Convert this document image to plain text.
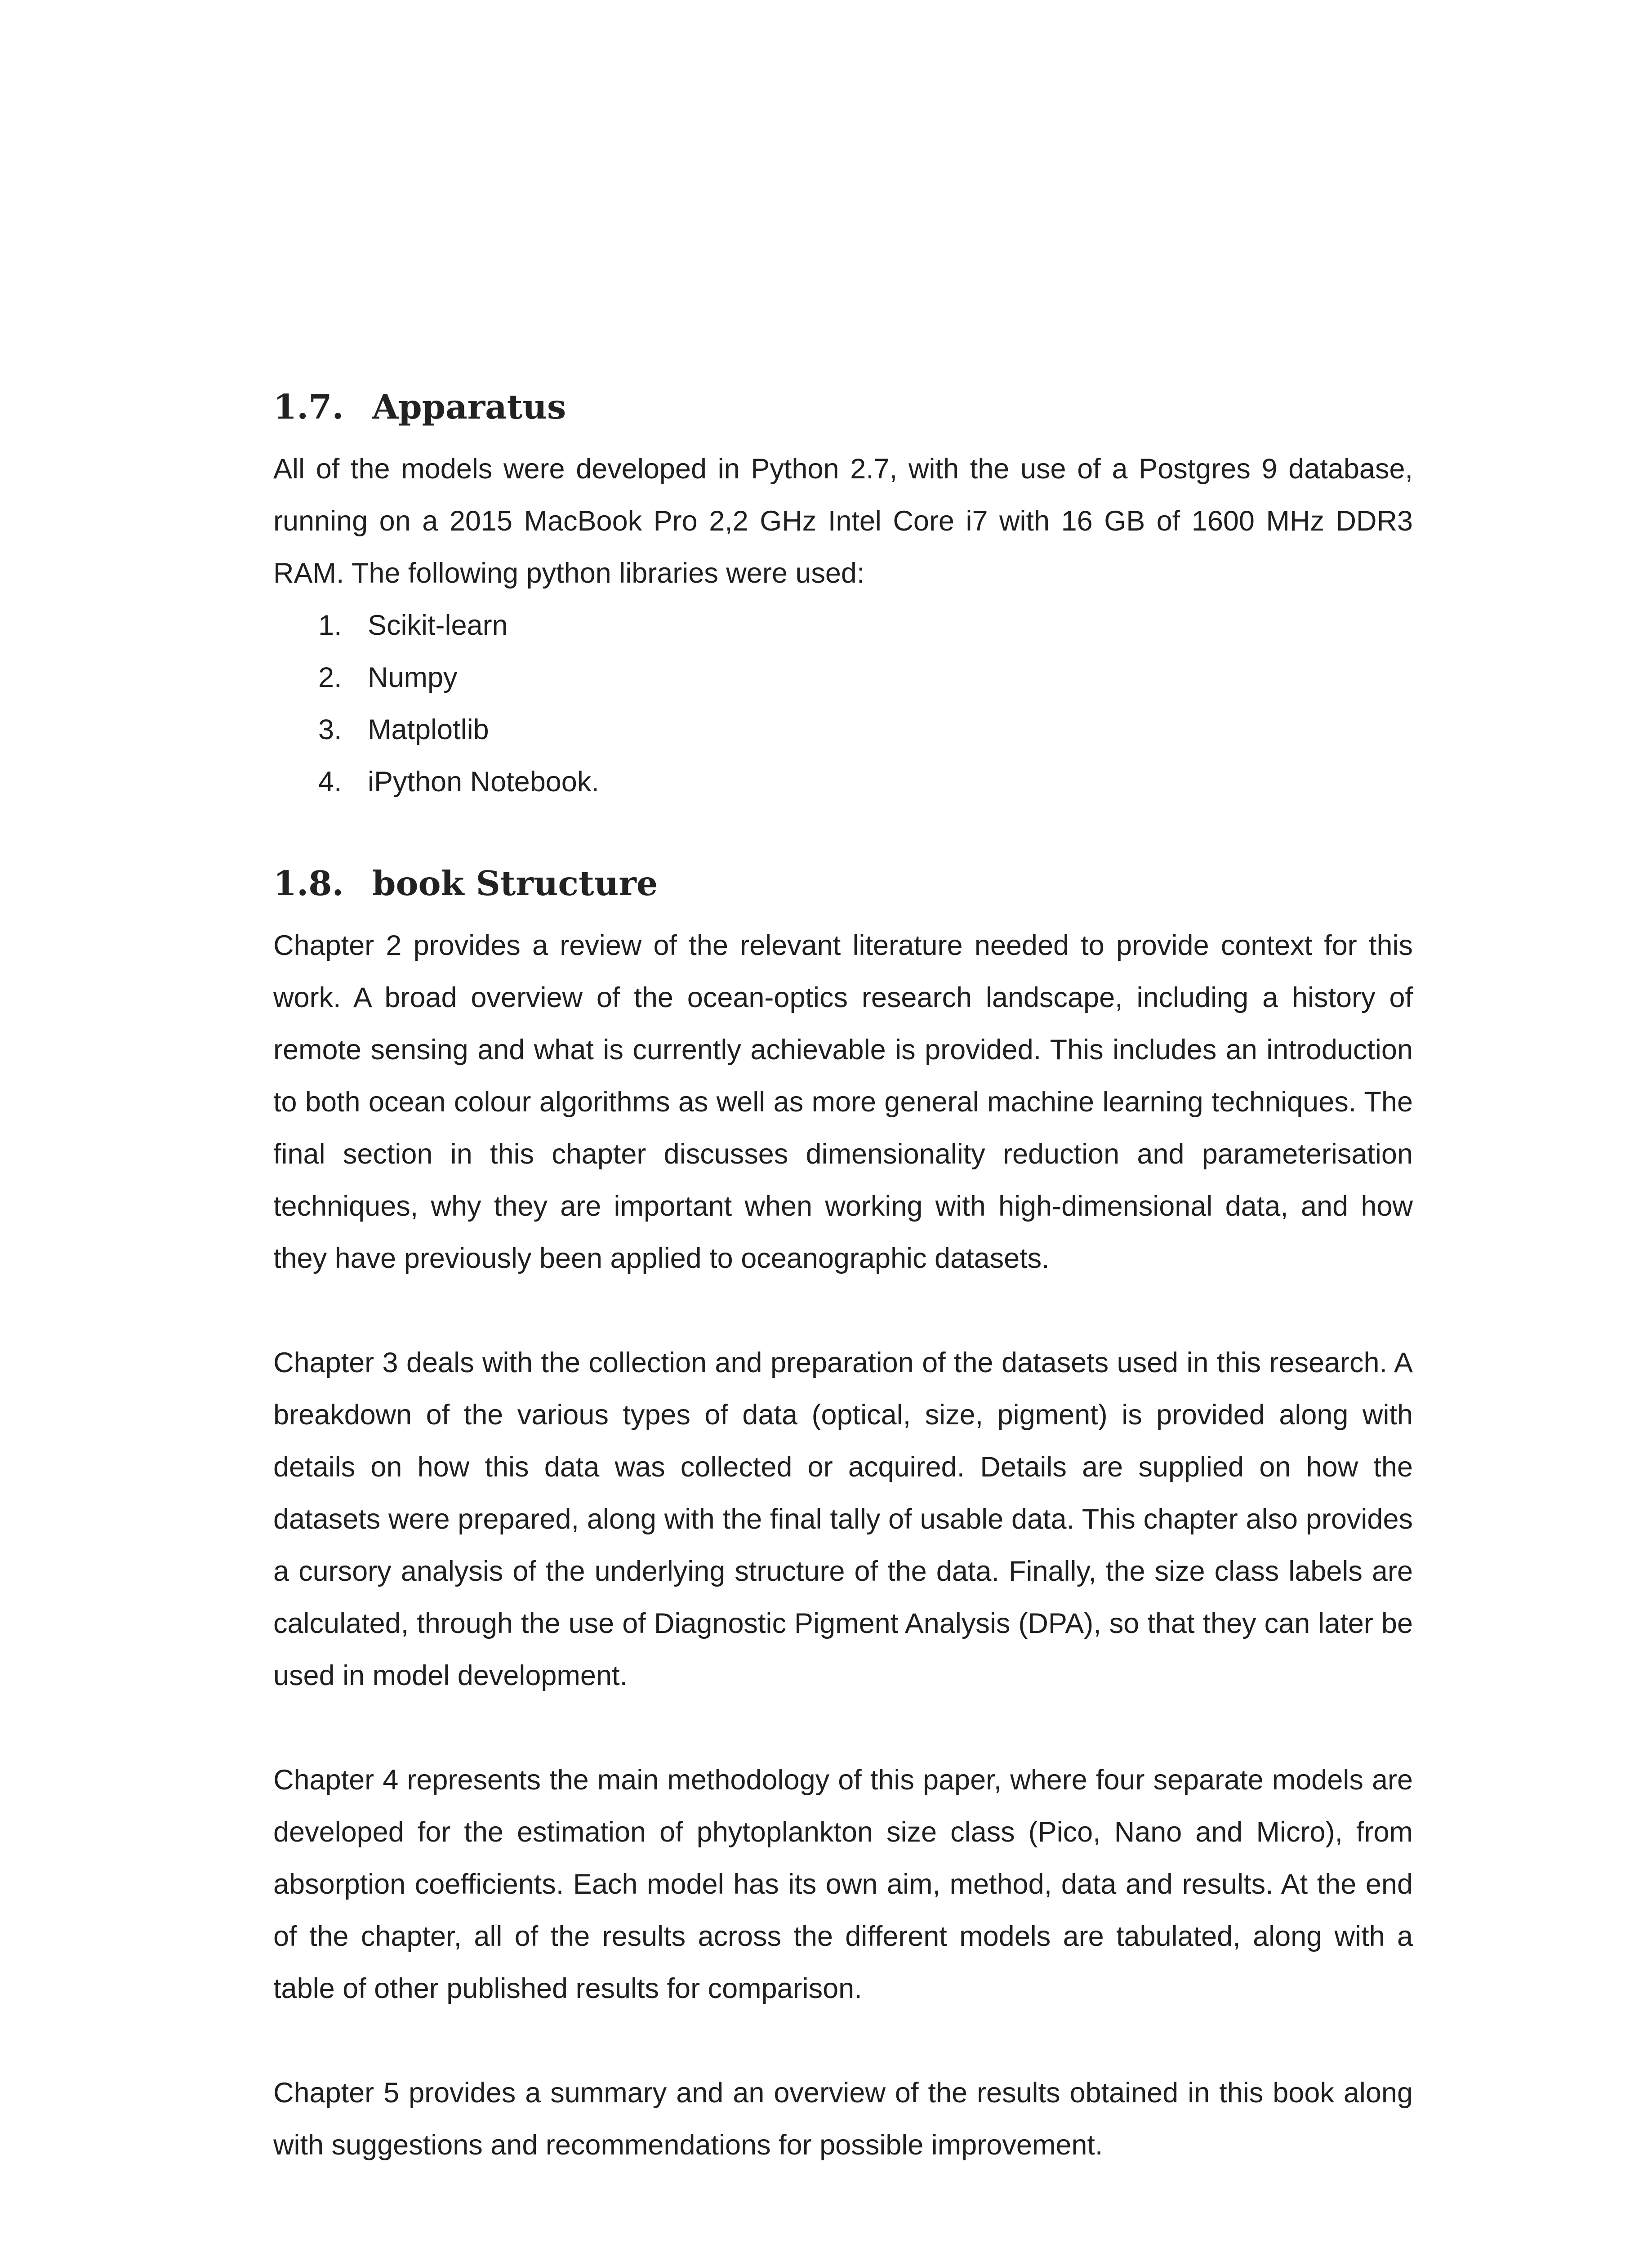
1.7. Apparatus

All of the models were developed in Python 2.7, with the use of a Postgres 9 database, running on a 2015 MacBook Pro 2,2 GHz Intel Core i7 with 16 GB of 1600 MHz DDR3 RAM. The following python libraries were used:

1. Scikit-learn
2. Numpy
3. Matplotlib
4. iPython Notebook.
1.8. book Structure

Chapter 2 provides a review of the relevant literature needed to provide context for this work. A broad overview of the ocean-optics research landscape, including a history of remote sensing and what is currently achievable is provided. This includes an introduction to both ocean colour algorithms as well as more general machine learning techniques. The final section in this chapter discusses dimensionality reduction and parameterisation techniques, why they are important when working with high-dimensional data, and how they have previously been applied to oceanographic datasets.

Chapter 3 deals with the collection and preparation of the datasets used in this research. A breakdown of the various types of data (optical, size, pigment) is provided along with details on how this data was collected or acquired. Details are supplied on how the datasets were prepared, along with the final tally of usable data. This chapter also provides a cursory analysis of the underlying structure of the data. Finally, the size class labels are calculated, through the use of Diagnostic Pigment Analysis (DPA), so that they can later be used in model development.

Chapter 4 represents the main methodology of this paper, where four separate models are developed for the estimation of phytoplankton size class (Pico, Nano and Micro), from absorption coefficients. Each model has its own aim, method, data and results. At the end of the chapter, all of the results across the different models are tabulated, along with a table of other published results for comparison.

Chapter 5 provides a summary and an overview of the results obtained in this book along with suggestions and recommendations for possible improvement.
